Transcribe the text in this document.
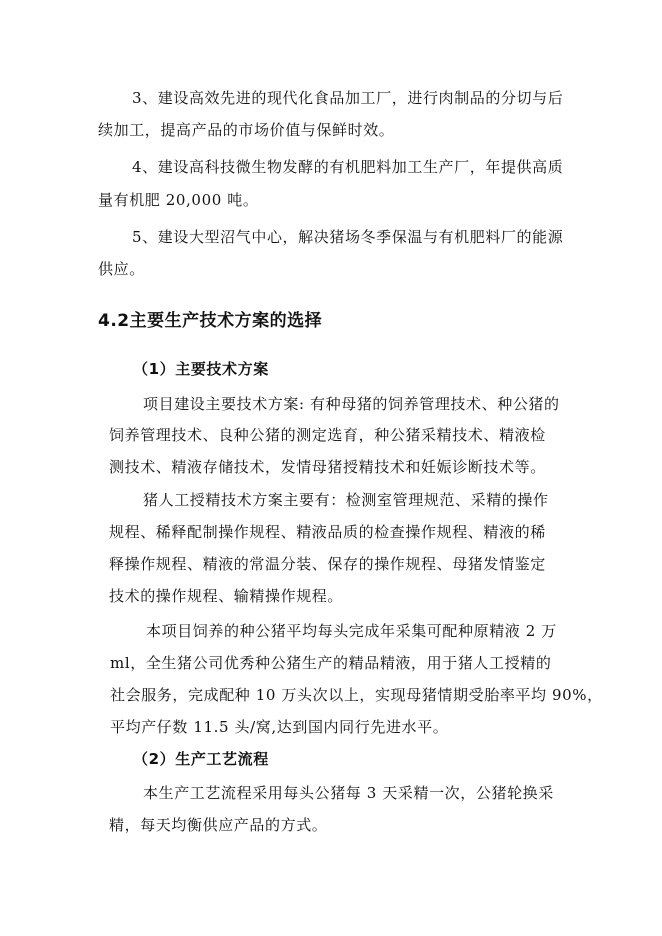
3、建设高效先进的现代化食品加工厂，进行肉制品的分切与后
续加工，提高产品的市场价值与保鲜时效。
4、建设高科技微生物发酵的有机肥料加工生产厂，年提供高质
量有机肥 20,000 吨。
5、建设大型沼气中心，解决猪场冬季保温与有机肥料厂的能源
供应。
4.2主要生产技术方案的选择
（1）主要技术方案
项目建设主要技术方案: 有种母猪的饲养管理技术、种公猪的
饲养管理技术、良种公猪的测定选育，种公猪采精技术、精液检
测技术、精液存储技术，发情母猪授精技术和妊娠诊断技术等。
猪人工授精技术方案主要有：检测室管理规范、采精的操作
规程、稀释配制操作规程、精液品质的检查操作规程、精液的稀
释操作规程、精液的常温分装、保存的操作规程、母猪发情鉴定
技术的操作规程、输精操作规程。
本项目饲养的种公猪平均每头完成年采集可配种原精液 2 万
ml，全生猪公司优秀种公猪生产的精品精液，用于猪人工授精的
社会服务，完成配种 10 万头次以上，实现母猪情期受胎率平均 90%，
平均产仔数 11.5 头/窝,达到国内同行先进水平。
（2）生产工艺流程
本生产工艺流程采用每头公猪每 3 天采精一次，公猪轮换采
精，每天均衡供应产品的方式。
